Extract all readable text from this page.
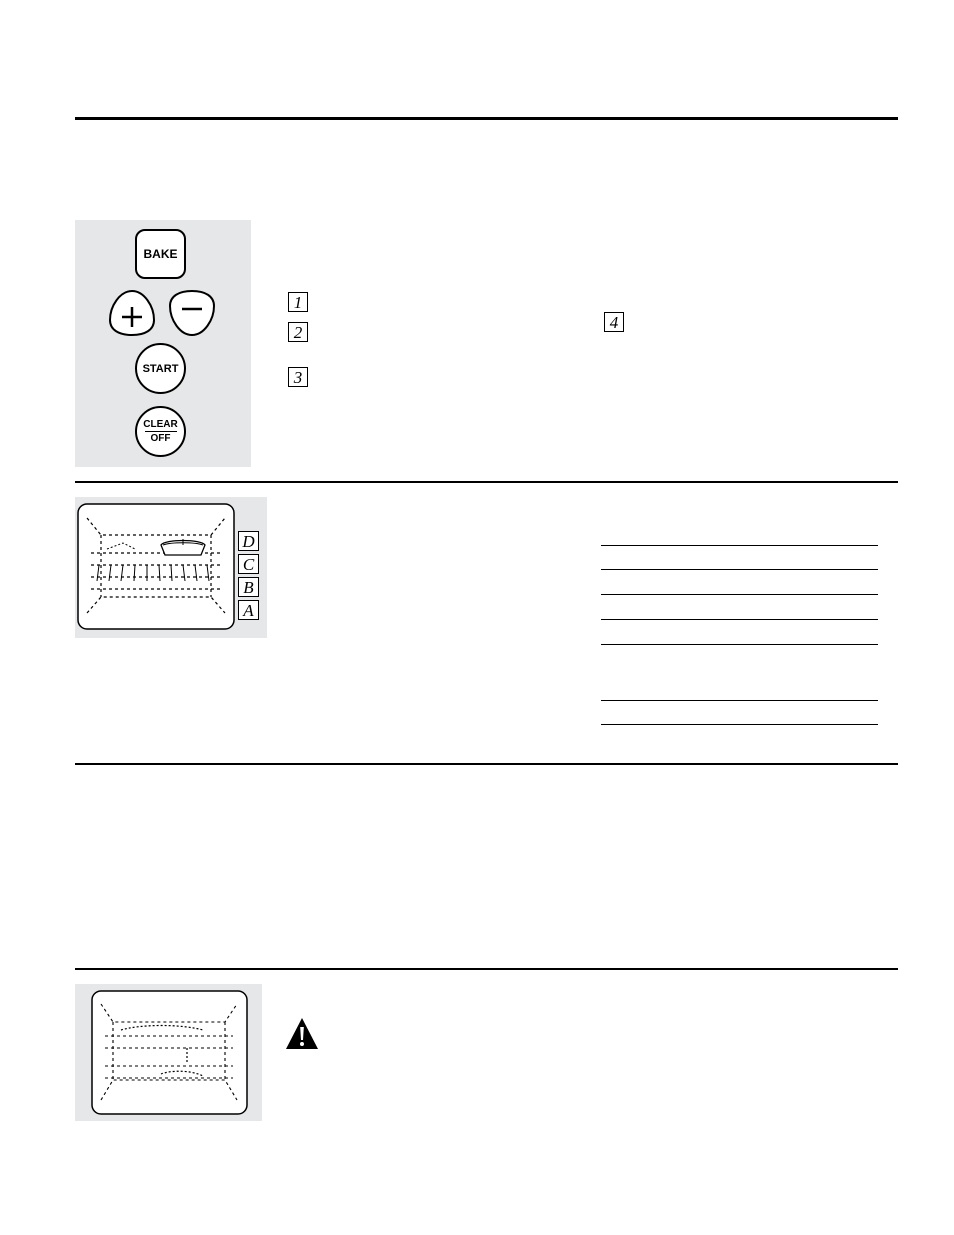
BAKE
START
CLEAR
OFF
1
2
3
4
D
C
B
A
